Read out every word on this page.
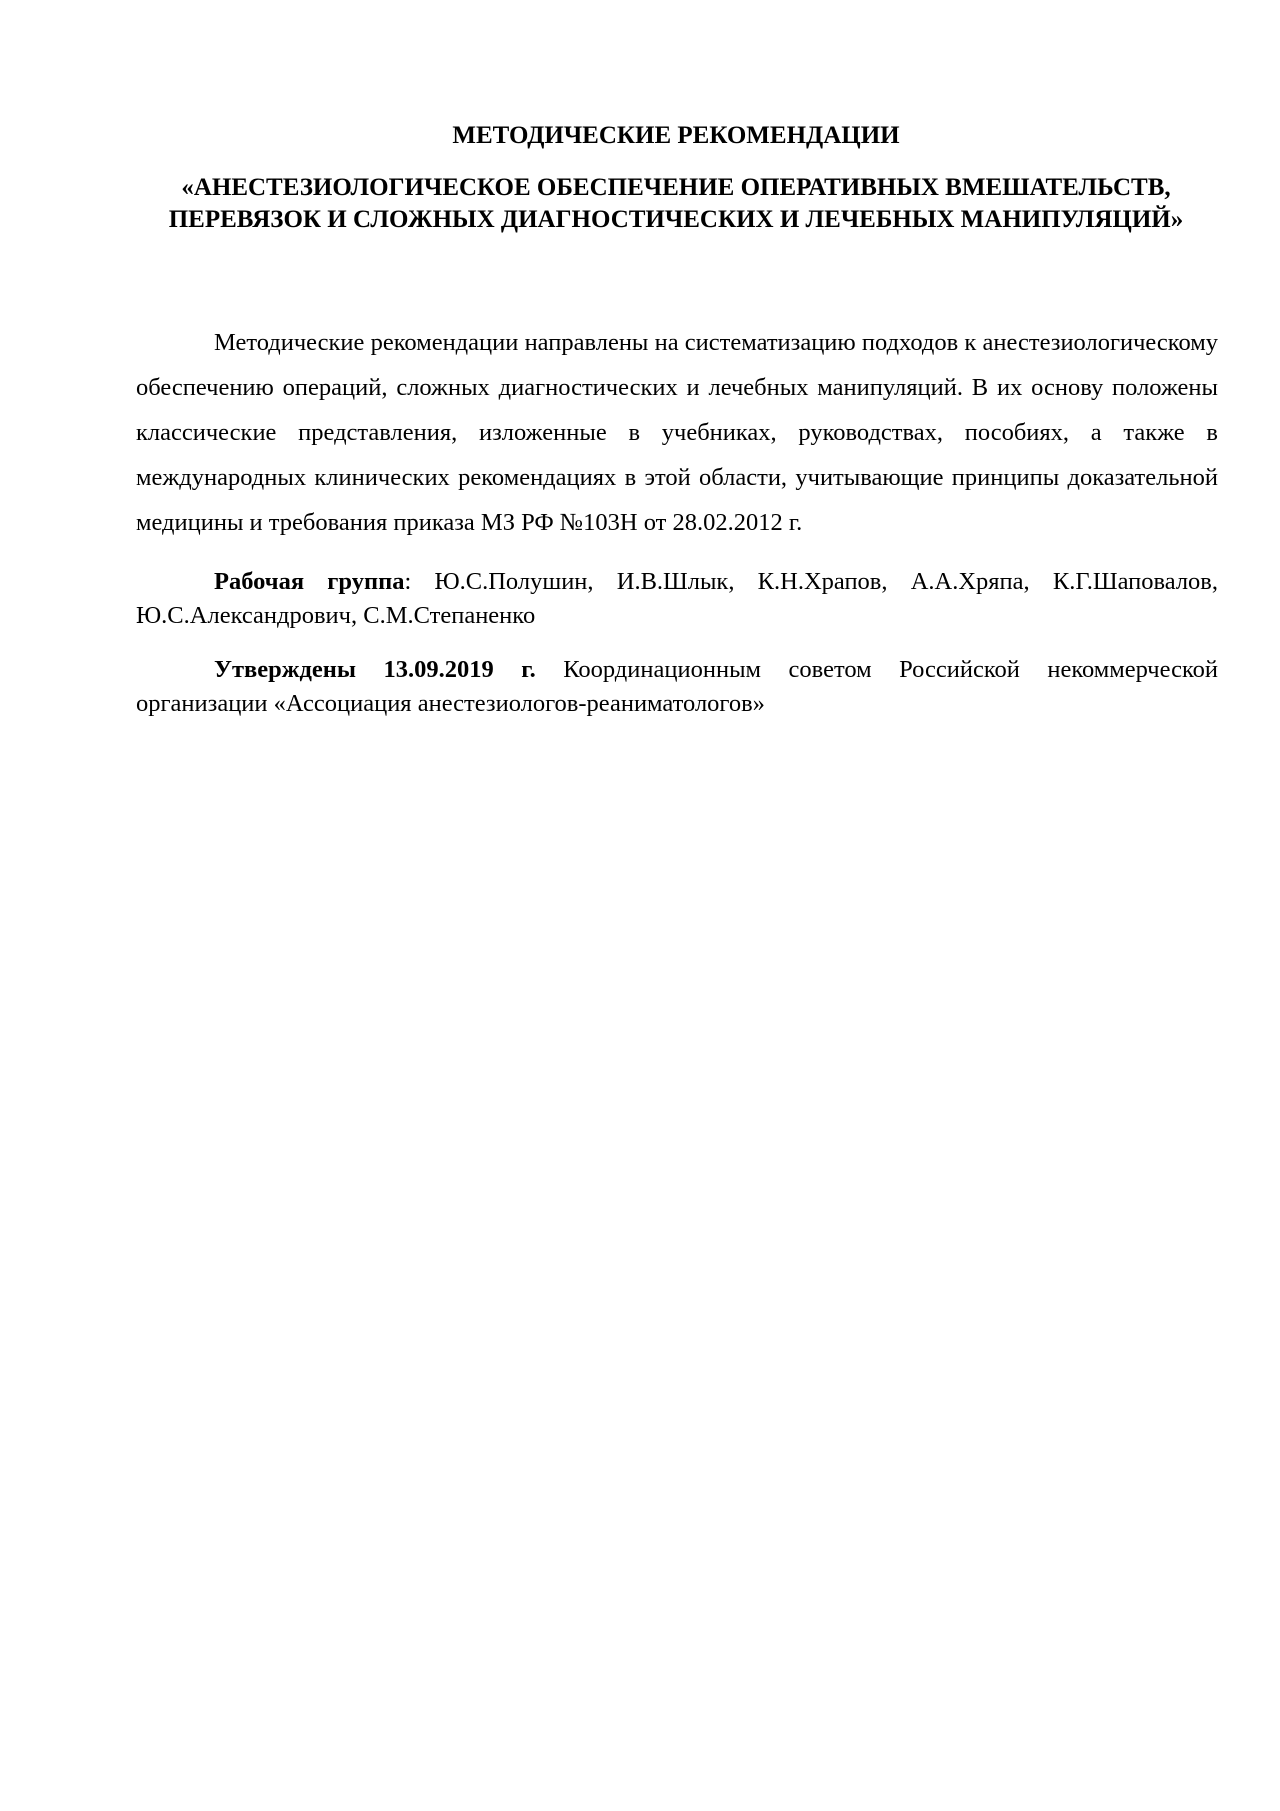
МЕТОДИЧЕСКИЕ РЕКОМЕНДАЦИИ

«АНЕСТЕЗИОЛОГИЧЕСКОЕ ОБЕСПЕЧЕНИЕ ОПЕРАТИВНЫХ ВМЕШАТЕЛЬСТВ,
ПЕРЕВЯЗОК И СЛОЖНЫХ ДИАГНОСТИЧЕСКИХ И ЛЕЧЕБНЫХ МАНИПУЛЯЦИЙ»

Методические рекомендации направлены на систематизацию подходов к анестезиологическому обеспечению операций, сложных диагностических и лечебных манипуляций. В их основу положены классические представления, изложенные в учебниках, руководствах, пособиях, а также в международных клинических рекомендациях в этой области, учитывающие принципы доказательной медицины и требования приказа МЗ РФ №103Н от 28.02.2012 г.

Рабочая группа: Ю.С.Полушин, И.В.Шлык, К.Н.Храпов, А.А.Хряпа, К.Г.Шаповалов, Ю.С.Александрович, С.М.Степаненко

Утверждены 13.09.2019 г. Координационным советом Российской некоммерческой организации «Ассоциация анестезиологов-реаниматологов»
